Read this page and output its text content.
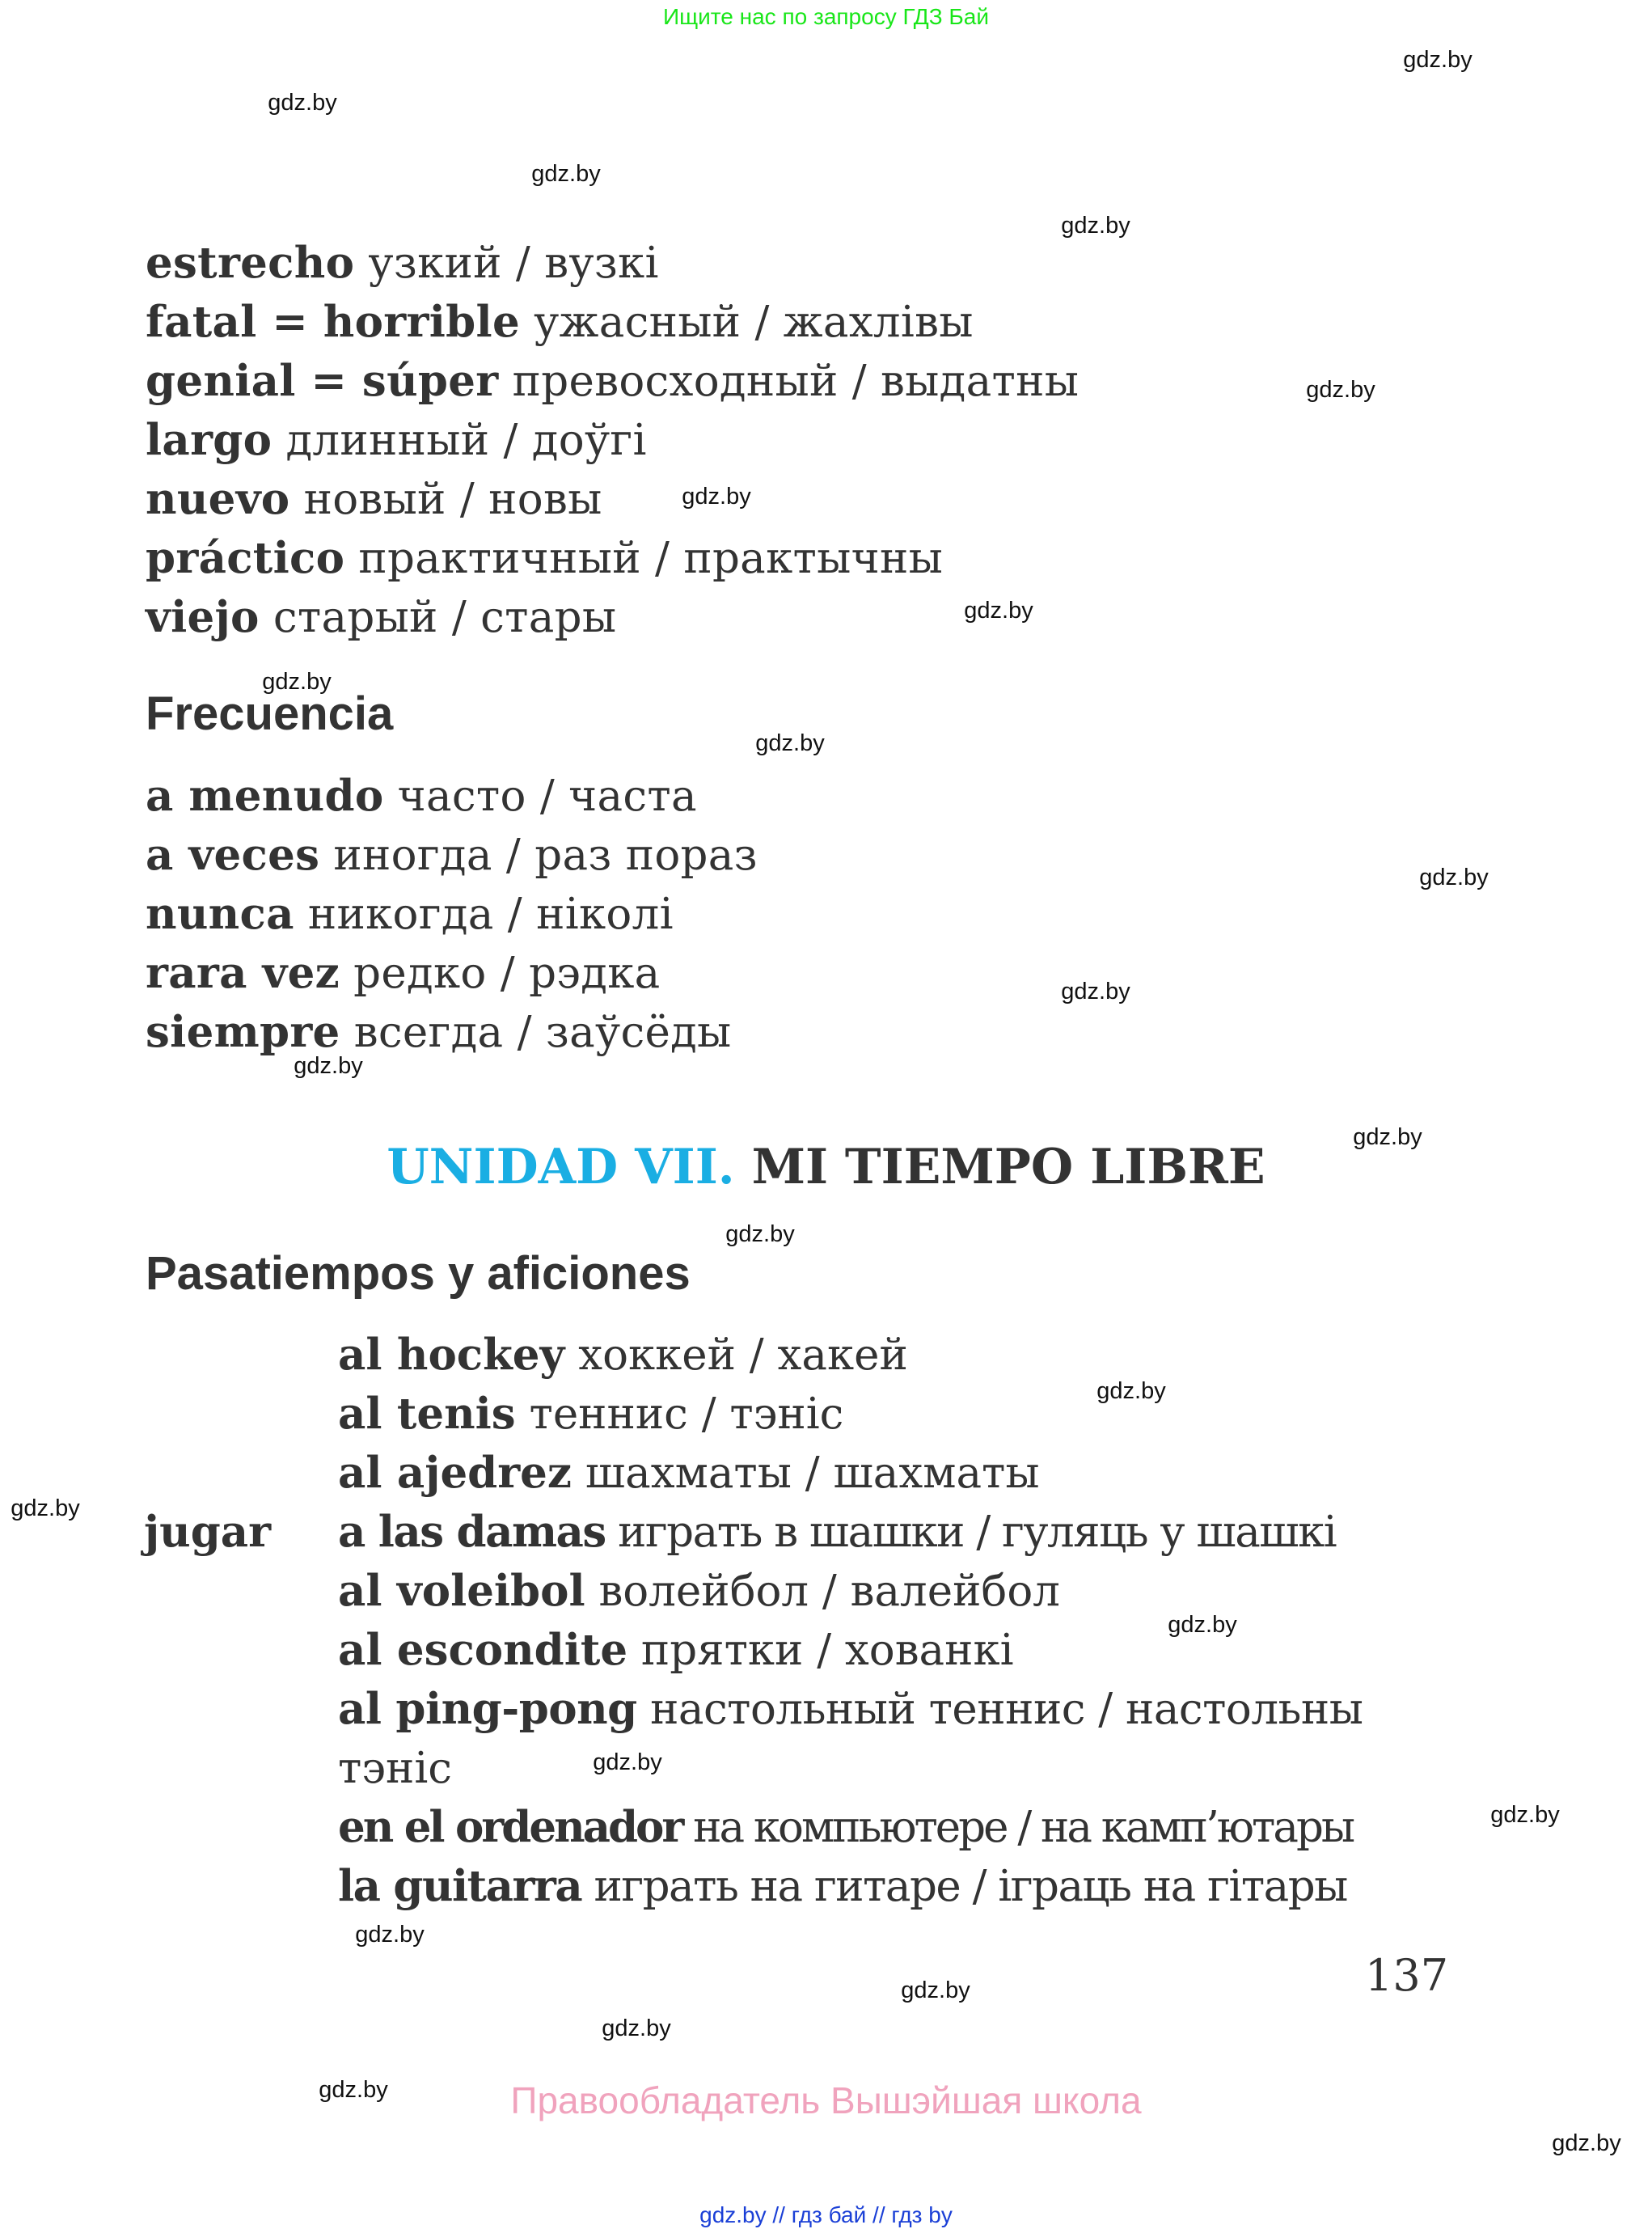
Ищите нас по запросу ГДЗ Бай
estrecho узкий / вузкі
fatal = horrible ужасный / жахлівы
genial = súper превосходный / выдатны
largo длинный / доўгі
nuevo новый / новы
práctico практичный / практычны
viejo старый / стары
Frecuencia
a menudo часто / часта
a veces иногда / раз пораз
nunca никогда / ніколі
rara vez редко / рэдка
siempre всегда / заўсёды
UNIDAD VII. MI TIEMPO LIBRE
Pasatiempos y aficiones
jugar
al hockey хоккей / хакей
al tenis теннис / тэніс
al ajedrez шахматы / шахматы
a las damas играть в шашки / гуляць у шашкі
al voleibol волейбол / валейбол
al escondite прятки / хованкі
al ping-pong настольный теннис / настольны
тэніс
en el ordenador на компьютере / на камп’ютары
la guitarra играть на гитаре / іграць на гітары
137
Правообладатель Вышэйшая школа
gdz.by // гдз бай // гдз by
gdz.by
gdz.by
gdz.by
gdz.by
gdz.by
gdz.by
gdz.by
gdz.by
gdz.by
gdz.by
gdz.by
gdz.by
gdz.by
gdz.by
gdz.by
gdz.by
gdz.by
gdz.by
gdz.by
gdz.by
gdz.by
gdz.by
gdz.by
gdz.by
